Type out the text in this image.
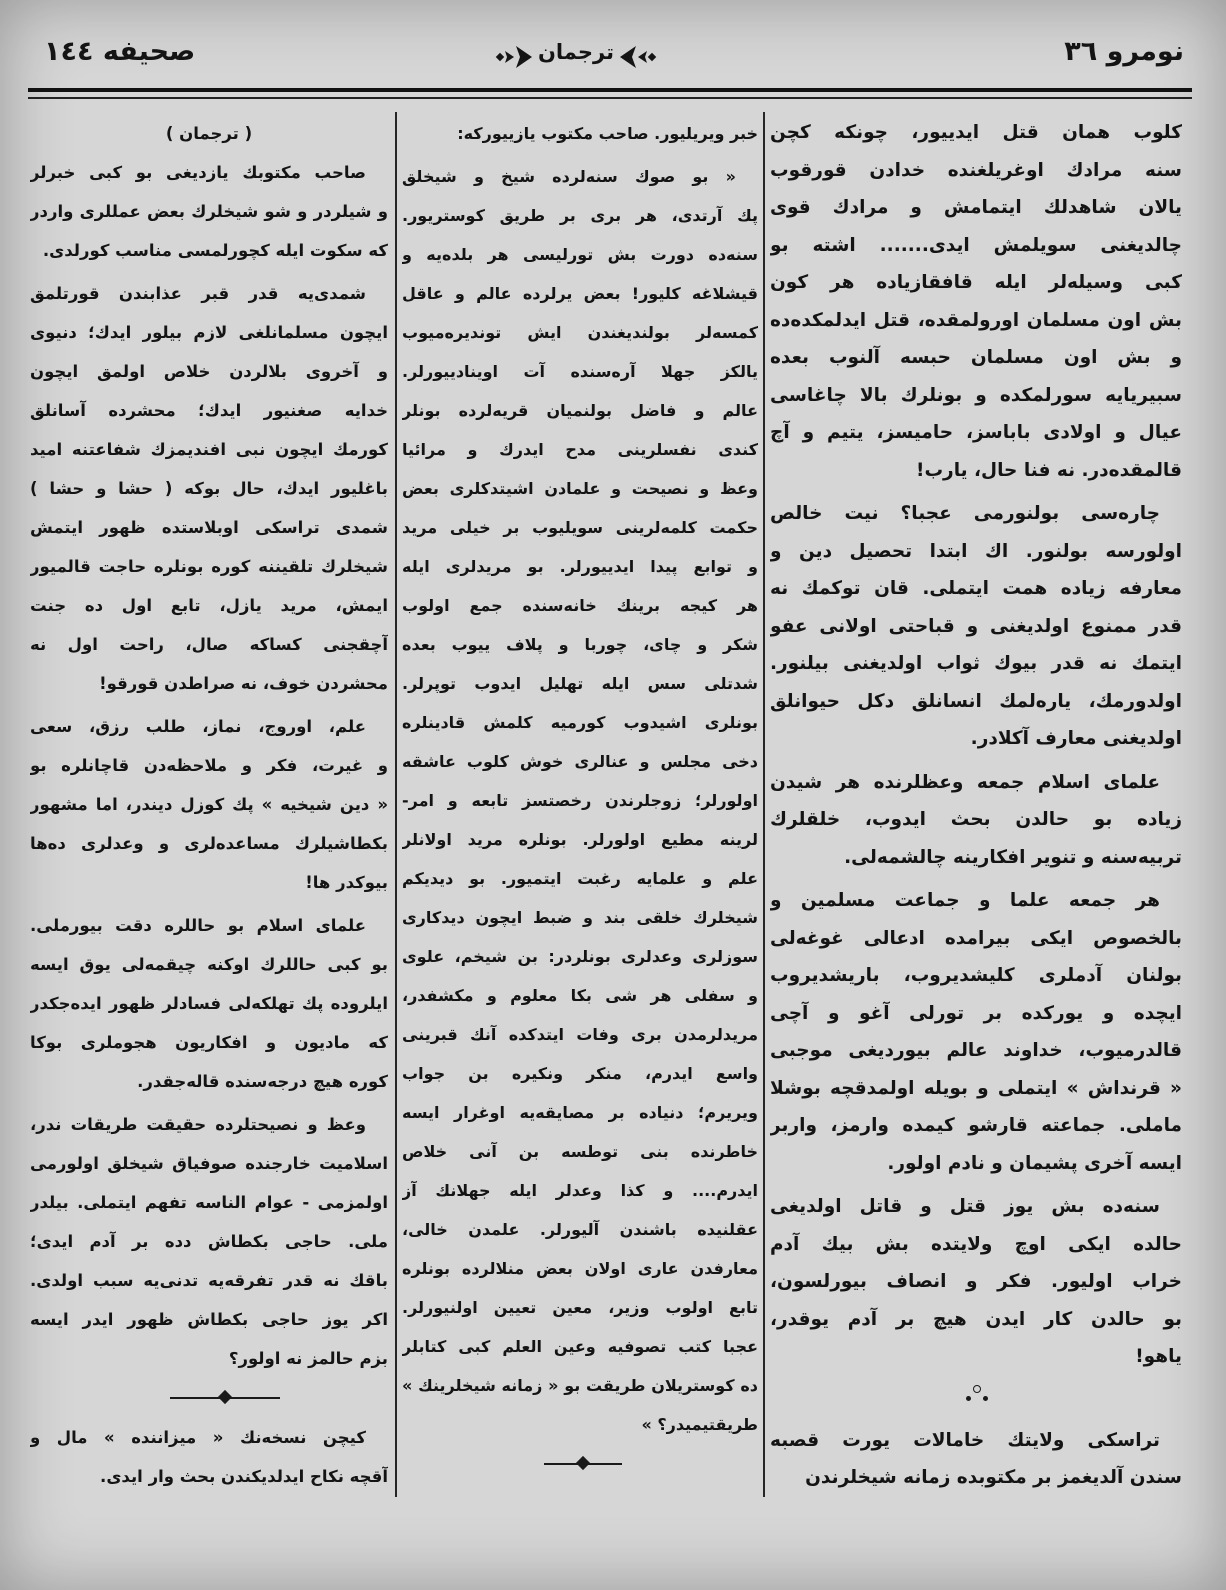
نومرو ٣٦
ترجمان
صحیفه ١٤٤
كلوب همان قتل ایدییور، چونكه كچن
سنه مرادك اوغریلغنده خدادن قورقوب
یالان شاهدلك ایتمامش و مرادك قوی
چالدیغنی سویلمش ایدی....... اشته بو
كبی وسیله‌لر ایله قافقازیاده هر كون
بش اون مسلمان اورولمقده، قتل ایدلمكده‌ده
و بش اون مسلمان حبسه آلنوب بعده
سبیریایه سورلمكده و بونلرك بالا چاغاسی
عیال و اولادی باباسز، حامیسز، یتیم و آچ
قالمقده‌در. نه فنا حال، یارب!
چاره‌سی بولنورمی عجبا؟ نیت خالص
اولورسه بولنور. اك ابتدا تحصیل دین و
معارفه زیاده همت ایتملی. قان توكمك نه
قدر ممنوع اولدیغنی و قباحتی اولانی عفو
ایتمك نه قدر بیوك ثواب اولدیغنی بیلنور.
اولدورمك، یاره‌لمك انسانلق دكل حیوانلق
اولدیغنی معارف آكلادر.
علمای اسلام جمعه وعظلرنده هر شیدن
زیاده بو حالدن بحث ایدوب، خلقلرك
تربیه‌سنه و تنویر افكارینه چالشمه‌لی.
هر جمعه علما و جماعت مسلمین و
بالخصوص ایكی بیرامده ادعالی غوغه‌لی
بولنان آدملری كلیشدیروب، باریشدیروب
ایچده و یوركده بر تورلی آغو و آچی
قالدرمیوب، خداوند عالم بیوردیغی موجبی
« قرنداش » ایتملی و بویله اولمدقچه بوشلا
ماملی. جماعته قارشو كیمده وارمز، واربر
ایسه آخری پشیمان و نادم اولور.
سنه‌ده بش یوز قتل و قاتل اولدیغی
حالده ایكی اوچ ولایتده بش بیك آدم
خراب اولیور. فكر و انصاف بیورلسون،
بو حالدن كار ایدن هیچ بر آدم یوقدر،
یاهو!
تراسكی ولایتك خامالات یورت قصبه
سندن آلدیغمز بر مكتوبده زمانه شیخلرندن
خبر ویریلیور. صاحب مكتوب یازییوركه:
« بو صوك سنه‌لرده شیخ و شیخلق
پك آرتدی، هر بری بر طریق كوستریور.
سنه‌ده دورت بش تورلیسی هر بلده‌یه و
قیشلاغه كلیور! بعض یرلرده عالم و عاقل
كمسه‌لر بولندیغندن ایش توندیره‌میوب
یالكز جهلا آره‌سنده آت اوینادییورلر.
عالم و فاضل بولنمیان قریه‌لرده بونلر
كندی نفسلرینی مدح ایدرك و مرائیا
وعظ و نصیحت و علمادن اشیتدكلری بعض
حكمت كلمه‌لرینی سویلیوب بر خیلی مرید
و توابع پیدا ایدییورلر. بو مریدلری ایله
هر كیجه برینك خانه‌سنده جمع اولوب
شكر و چای، چوربا و پلاف ییوب بعده
شدتلی سس ایله تهلیل ایدوب توپرلر.
بونلری اشیدوب كورمیه كلمش قادینلره
دخی مجلس و عنالری خوش كلوب عاشقه
اولورلر؛ زوجلرندن رخصتسز تابعه و امر-
لرینه مطیع اولورلر. بونلره مرید اولانلر
علم و علمایه رغبت ایتمیور. بو دیدیكم
شیخلرك خلقی بند و ضبط ایچون دیدكاری
سوزلری وعدلری بونلردر: بن شیخم، علوی
و سفلی هر شی بكا معلوم و مكشفدر،
مریدلرمدن بری وفات ایتدكده آنك قبرینی
واسع ایدرم، منكر ونكیره بن جواب
ویریرم؛ دنیاده بر مصایقه‌یه اوغرار ایسه
خاطرنده بنی توطسه بن آنی خلاص
ایدرم.... و كذا وعدلر ایله جهلانك آز
عقلنیده باشندن آلیورلر. علمدن خالی،
معارفدن عاری اولان بعض منلالرده بونلره
تابع اولوب وزیر، معین تعیین اولنیورلر.
عجبا كتب تصوفیه وعین العلم كبی كتابلر
ده كوستریلان طریقت بو « زمانه شیخلرینك »
طریقتیمیدر؟ »
( ترجمان )
صاحب مكتوبك یازدیغی بو كبی خبرلر
و شیلردر و شو شیخلرك بعض عمللری واردر
كه سكوت ایله كچورلمسی مناسب كورلدی.
شمدی‌یه قدر قبر عذابندن قورتلمق
ایچون مسلمانلغی لازم بیلور ایدك؛ دنیوی
و آخروی بلالردن خلاص اولمق ایچون
خدایه صغنیور ایدك؛ محشرده آسانلق
كورمك ایچون نبی افندیمزك شفاعتنه امید
باغلیور ایدك، حال بوكه ( حشا و حشا )
شمدی تراسكی اوبلاستده ظهور ایتمش
شیخلرك تلقیننه كوره بونلره حاجت قالمیور
ایمش، مرید یازل، تابع اول ده جنت
آچقجنی كساكه صال، راحت اول نه
محشردن خوف، نه صراطدن قورقو!
علم، اوروج، نماز، طلب رزق، سعی
و غیرت، فكر و ملاحظه‌دن قاچانلره بو
« دین شیخیه » پك كوزل دیندر، اما مشهور
بكطاشیلرك مساعده‌لری و وعدلری ده‌ها
بیوكدر ها!
علمای اسلام بو حاللره دقت بیورملی.
بو كبی حاللرك اوكنه چیقمه‌لی یوق ایسه
ایلروده پك تهلكه‌لی فسادلر ظهور ایده‌جكدر
كه مادیون و افكاریون هجوملری بوكا
كوره هیچ درجه‌سنده قاله‌جقدر.
وعظ و نصیحتلرده حقیقت طریقات ندر،
اسلامیت خارجنده صوفیاق شیخلق اولورمی
اولمزمی - عوام الناسه تفهم ایتملی. بیلدر
ملی. حاجی بكطاش دده بر آدم ایدی؛
باقك نه قدر تفرقه‌یه تدنی‌یه سبب اولدی.
اكر یوز حاجی بكطاش ظهور ایدر ایسه
بزم حالمز نه اولور؟
كیچن نسخه‌نك « میزاننده » مال و
آقچه نكاح ایدلدیكندن بحث وار ایدی.
